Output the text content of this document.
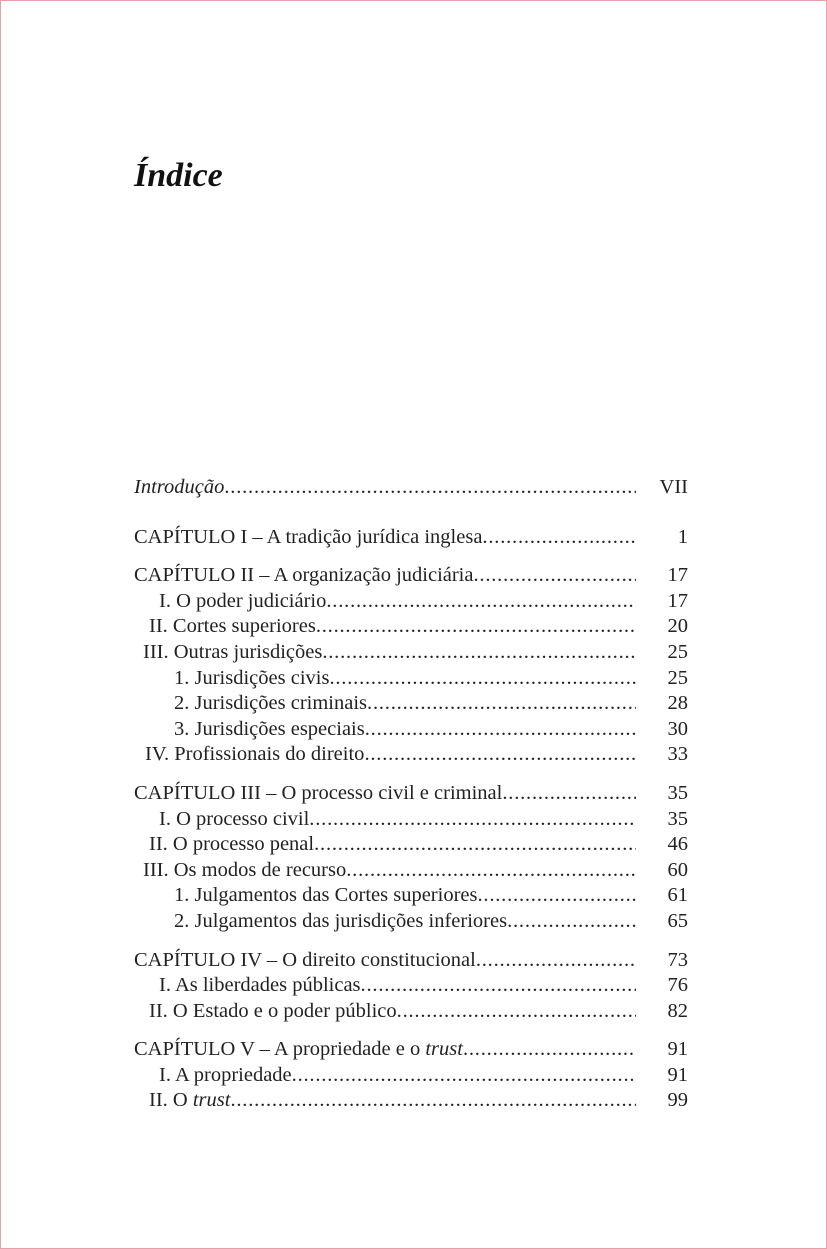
Índice
Introdução .....	VII
CAPÍTULO I – A tradição jurídica inglesa .....	1
CAPÍTULO II – A organização judiciária .....	17
I. O poder judiciário .....	17
II. Cortes superiores .....	20
III. Outras jurisdições .....	25
1. Jurisdições civis .....	25
2. Jurisdições criminais .....	28
3. Jurisdições especiais .....	30
IV. Profissionais do direito .....	33
CAPÍTULO III – O processo civil e criminal .....	35
I. O processo civil .....	35
II. O processo penal .....	46
III. Os modos de recurso .....	60
1. Julgamentos das Cortes superiores .....	61
2. Julgamentos das jurisdições inferiores .....	65
CAPÍTULO IV – O direito constitucional .....	73
I. As liberdades públicas .....	76
II. O Estado e o poder público .....	82
CAPÍTULO V – A propriedade e o trust .....	91
I. A propriedade .....	91
II. O trust .....	99
